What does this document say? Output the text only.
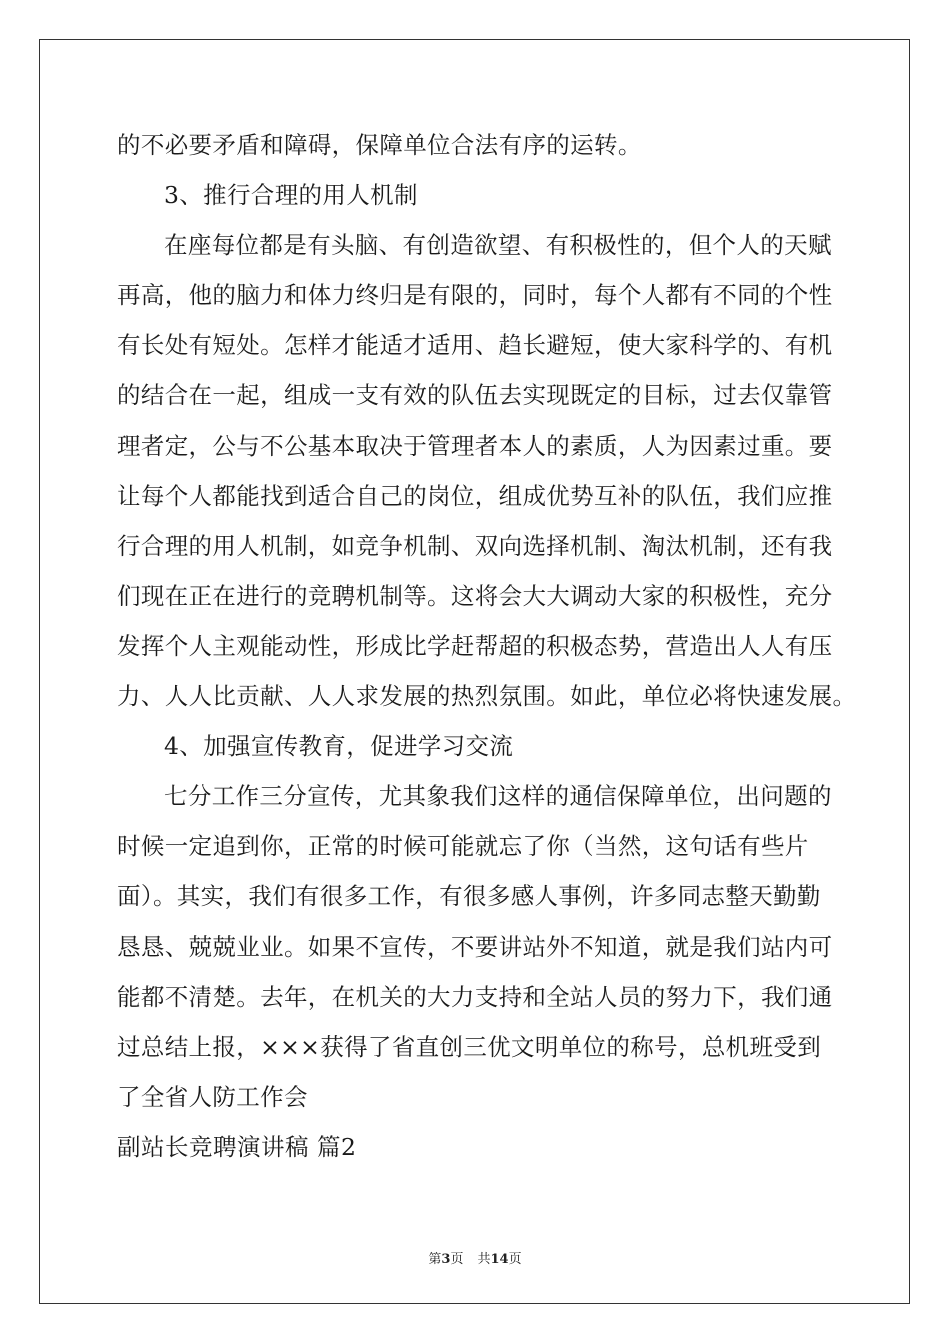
的不必要矛盾和障碍，保障单位合法有序的运转。
3、推行合理的用人机制
在座每位都是有头脑、有创造欲望、有积极性的，但个人的天赋
再高，他的脑力和体力终归是有限的，同时，每个人都有不同的个性
有长处有短处。怎样才能适才适用、趋长避短，使大家科学的、有机
的结合在一起，组成一支有效的队伍去实现既定的目标，过去仅靠管
理者定，公与不公基本取决于管理者本人的素质，人为因素过重。要
让每个人都能找到适合自己的岗位，组成优势互补的队伍，我们应推
行合理的用人机制，如竞争机制、双向选择机制、淘汰机制，还有我
们现在正在进行的竞聘机制等。这将会大大调动大家的积极性，充分
发挥个人主观能动性，形成比学赶帮超的积极态势，营造出人人有压
力、人人比贡献、人人求发展的热烈氛围。如此，单位必将快速发展。
4、加强宣传教育，促进学习交流
七分工作三分宣传，尤其象我们这样的通信保障单位，出问题的
时候一定追到你，正常的时候可能就忘了你（当然，这句话有些片
面）。其实，我们有很多工作，有很多感人事例，许多同志整天勤勤
恳恳、兢兢业业。如果不宣传，不要讲站外不知道，就是我们站内可
能都不清楚。去年，在机关的大力支持和全站人员的努力下，我们通
过总结上报，×××获得了省直创三优文明单位的称号，总机班受到
了全省人防工作会
副站长竞聘演讲稿 篇2
第3页 共14页
